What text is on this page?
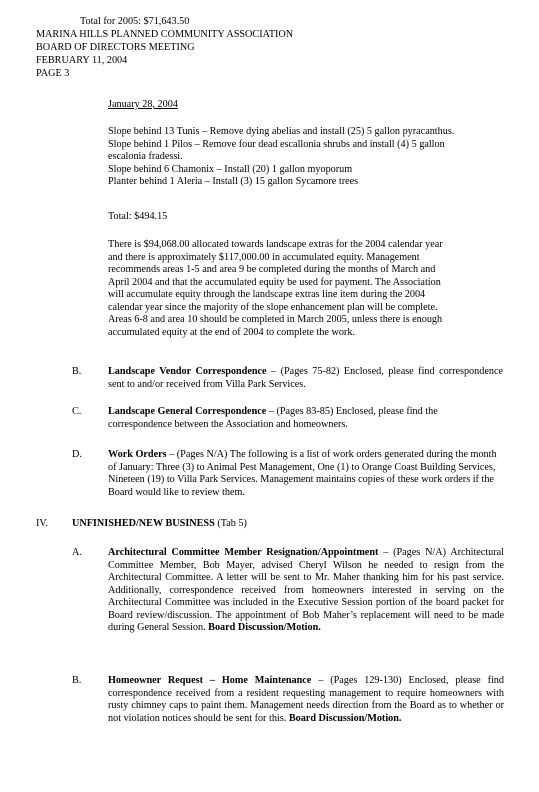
Total for 2005: $71,643.50
MARINA HILLS PLANNED COMMUNITY ASSOCIATION
BOARD OF DIRECTORS MEETING
FEBRUARY 11, 2004
PAGE 3
January 28, 2004
Slope behind 13 Tunis – Remove dying abelias and install (25) 5 gallon pyracanthus.
Slope behind 1 Pilos – Remove four dead escallonia shrubs and install (4) 5 gallon
escalonia fradessi.
Slope behind 6 Chamonix – Install (20) 1 gallon myoporum
Planter behind 1 Aleria – Install (3) 15 gallon Sycamore trees
Total: $494.15
There is $94,068.00 allocated towards landscape extras for the 2004 calendar year
and there is approximately $117,000.00 in accumulated equity. Management
recommends areas 1-5 and area 9 be completed during the months of March and
April 2004 and that the accumulated equity be used for payment. The Association
will accumulate equity through the landscape extras line item during the 2004
calendar year since the majority of the slope enhancement plan will be complete.
Areas 6-8 and area 10 should be completed in March 2005, unless there is enough
accumulated equity at the end of 2004 to complete the work.
B.	Landscape Vendor Correspondence – (Pages 75-82) Enclosed, please find correspondence sent to and/or received from Villa Park Services.

C.	Landscape General Correspondence – (Pages 83-85) Enclosed, please find the correspondence between the Association and homeowners.

D.	Work Orders – (Pages N/A) The following is a list of work orders generated during the month of January: Three (3) to Animal Pest Management, One (1) to Orange Coast Building Services, Nineteen (19) to Villa Park Services. Management maintains copies of these work orders if the Board would like to review them.

IV. UNFINISHED/NEW BUSINESS (Tab 5)
A.	Architectural Committee Member Resignation/Appointment – (Pages N/A) Architectural Committee Member, Bob Mayer, advised Cheryl Wilson he needed to resign from the Architectural Committee. A letter will be sent to Mr. Maher thanking him for his past service. Additionally, correspondence received from homeowners interested in serving on the Architectural Committee was included in the Executive Session portion of the board packet for Board review/discussion. The appointment of Bob Maher’s replacement will need to be made during General Session. Board Discussion/Motion.

B.	Homeowner Request – Home Maintenance – (Pages 129-130) Enclosed, please find correspondence received from a resident requesting management to require homeowners with rusty chimney caps to paint them. Management needs direction from the Board as to whether or not violation notices should be sent for this. Board Discussion/Motion.
